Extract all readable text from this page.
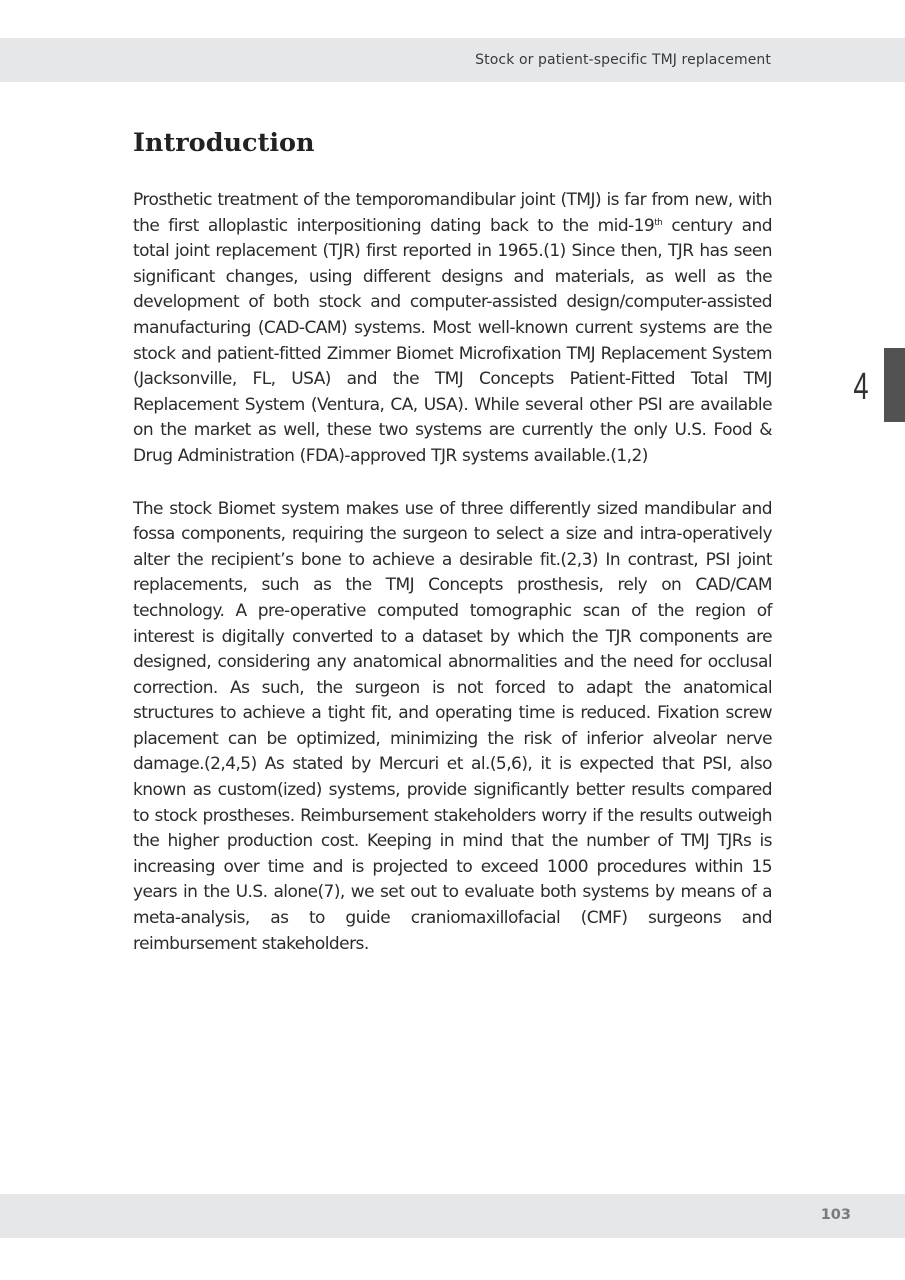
Stock or patient-specific TMJ replacement
Introduction

Prosthetic treatment of the temporomandibular joint (TMJ) is far from new, with the first alloplastic interpositioning dating back to the mid-19th century and total joint replacement (TJR) first reported in 1965.(1) Since then, TJR has seen significant changes, using different designs and materials, as well as the development of both stock and computer-assisted design/computer-assisted manufacturing (CAD-CAM) systems. Most well-known current systems are the stock and patient-fitted Zimmer Biomet Microfixation TMJ Replacement System (Jacksonville, FL, USA) and the TMJ Concepts Patient-Fitted Total TMJ Replacement System (Ventura, CA, USA). While several other PSI are available on the market as well, these two systems are currently the only U.S. Food & Drug Administration (FDA)-approved TJR systems available.(1,2)

The stock Biomet system makes use of three differently sized mandibular and fossa components, requiring the surgeon to select a size and intra-operatively alter the recipient’s bone to achieve a desirable fit.(2,3) In contrast, PSI joint replacements, such as the TMJ Concepts prosthesis, rely on CAD/CAM technology. A pre-operative computed tomographic scan of the region of interest is digitally converted to a dataset by which the TJR components are designed, considering any anatomical abnormalities and the need for occlusal correction. As such, the surgeon is not forced to adapt the anatomical structures to achieve a tight fit, and operating time is reduced. Fixation screw placement can be optimized, minimizing the risk of inferior alveolar nerve damage.(2,4,5) As stated by Mercuri et al.(5,6), it is expected that PSI, also known as custom(ized) systems, provide significantly better results compared to stock prostheses. Reimbursement stakeholders worry if the results outweigh the higher production cost. Keeping in mind that the number of TMJ TJRs is increasing over time and is projected to exceed 1000 procedures within 15 years in the U.S. alone(7), we set out to evaluate both systems by means of a meta-analysis, as to guide craniomaxillofacial (CMF) surgeons and reimbursement stakeholders.

4
103
